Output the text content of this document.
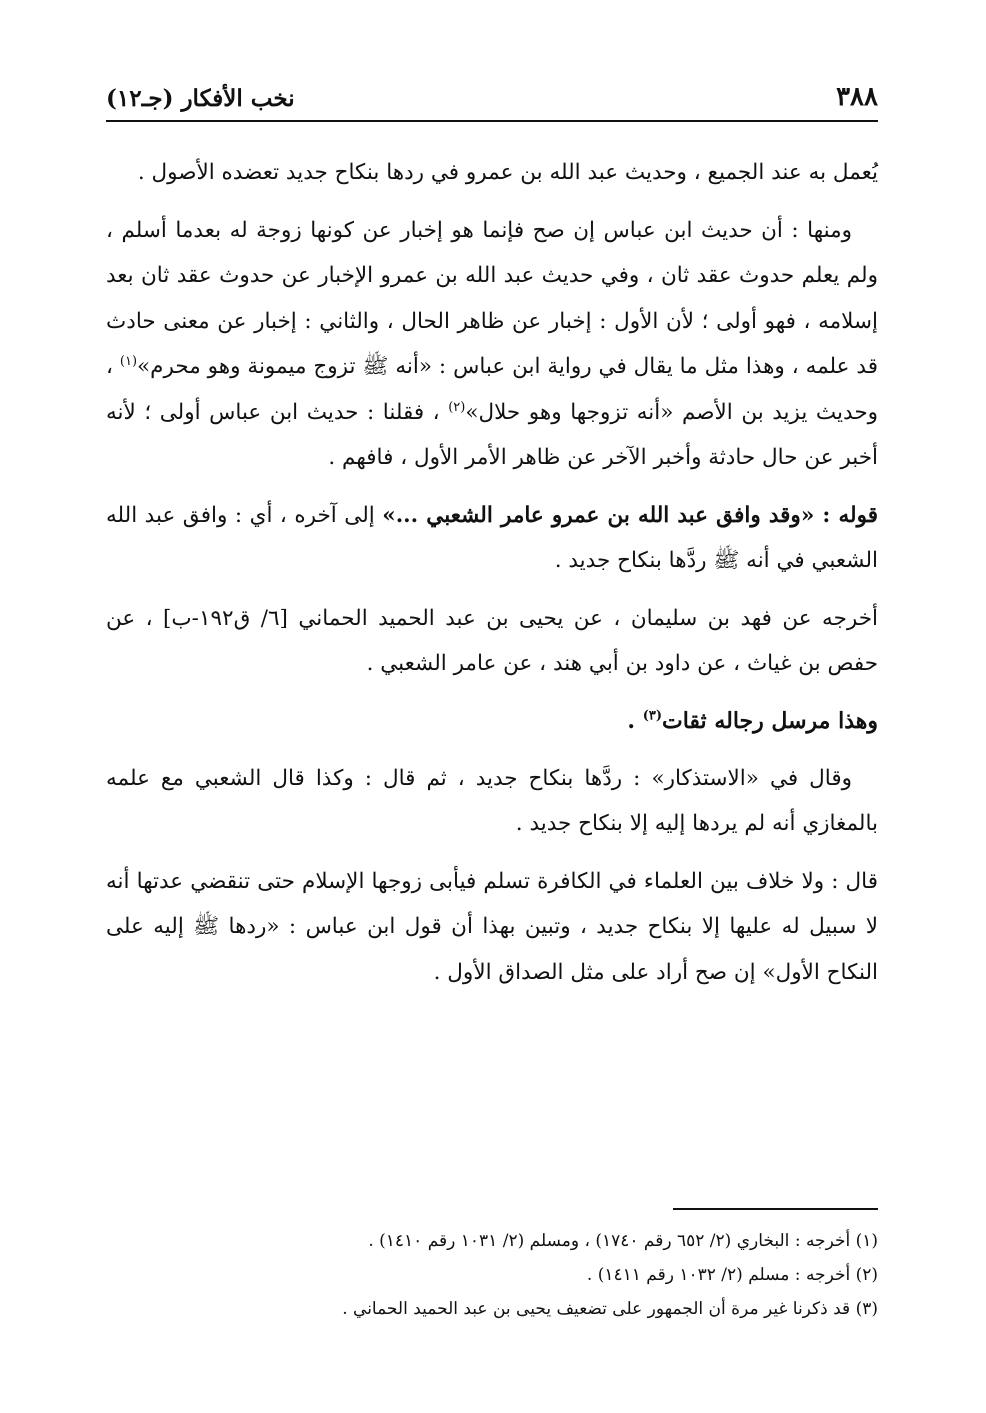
٣٨٨
نخب الأفكار (جـ١٢)

يُعمل به عند الجميع ، وحديث عبد الله بن عمرو في ردها بنكاح جديد تعضده الأصول .

ومنها : أن حديث ابن عباس إن صح فإنما هو إخبار عن كونها زوجة له بعدما أسلم ، ولم يعلم حدوث عقد ثان ، وفي حديث عبد الله بن عمرو الإخبار عن حدوث عقد ثان بعد إسلامه ، فهو أولى ؛ لأن الأول : إخبار عن ظاهر الحال ، والثاني : إخبار عن معنى حادث قد علمه ، وهذا مثل ما يقال في رواية ابن عباس : «أنه ﷺ تزوج ميمونة وهو محرم»$^{(١)}$ ، وحديث يزيد بن الأصم «أنه تزوجها وهو حلال»$^{(٢)}$ ، فقلنا : حديث ابن عباس أولى ؛ لأنه أخبر عن حال حادثة وأخبر الآخر عن ظاهر الأمر الأول ، فافهم .

قوله : «وقد وافق عبد الله بن عمرو عامر الشعبي ...» إلى آخره ، أي : وافق عبد الله الشعبي في أنه ﷺ ردَّها بنكاح جديد .

أخرجه عن فهد بن سليمان ، عن يحيى بن عبد الحميد الحماني [٦/ ق١٩٢-ب] ، عن حفص بن غياث ، عن داود بن أبي هند ، عن عامر الشعبي .

وهذا مرسل رجاله ثقات$^{(٣)}$ .

وقال في «الاستذكار» : ردَّها بنكاح جديد ، ثم قال : وكذا قال الشعبي مع علمه بالمغازي أنه لم يردها إليه إلا بنكاح جديد .

قال : ولا خلاف بين العلماء في الكافرة تسلم فيأبى زوجها الإسلام حتى تنقضي عدتها أنه لا سبيل له عليها إلا بنكاح جديد ، وتبين بهذا أن قول ابن عباس : «ردها ﷺ إليه على النكاح الأول» إن صح أراد على مثل الصداق الأول .

(١) أخرجه : البخاري (٢/ ٦٥٢ رقم ١٧٤٠) ، ومسلم (٢/ ١٠٣١ رقم ١٤١٠) .

(٢) أخرجه : مسلم (٢/ ١٠٣٢ رقم ١٤١١) .

(٣) قد ذكرنا غير مرة أن الجمهور على تضعيف يحيى بن عبد الحميد الحماني .
